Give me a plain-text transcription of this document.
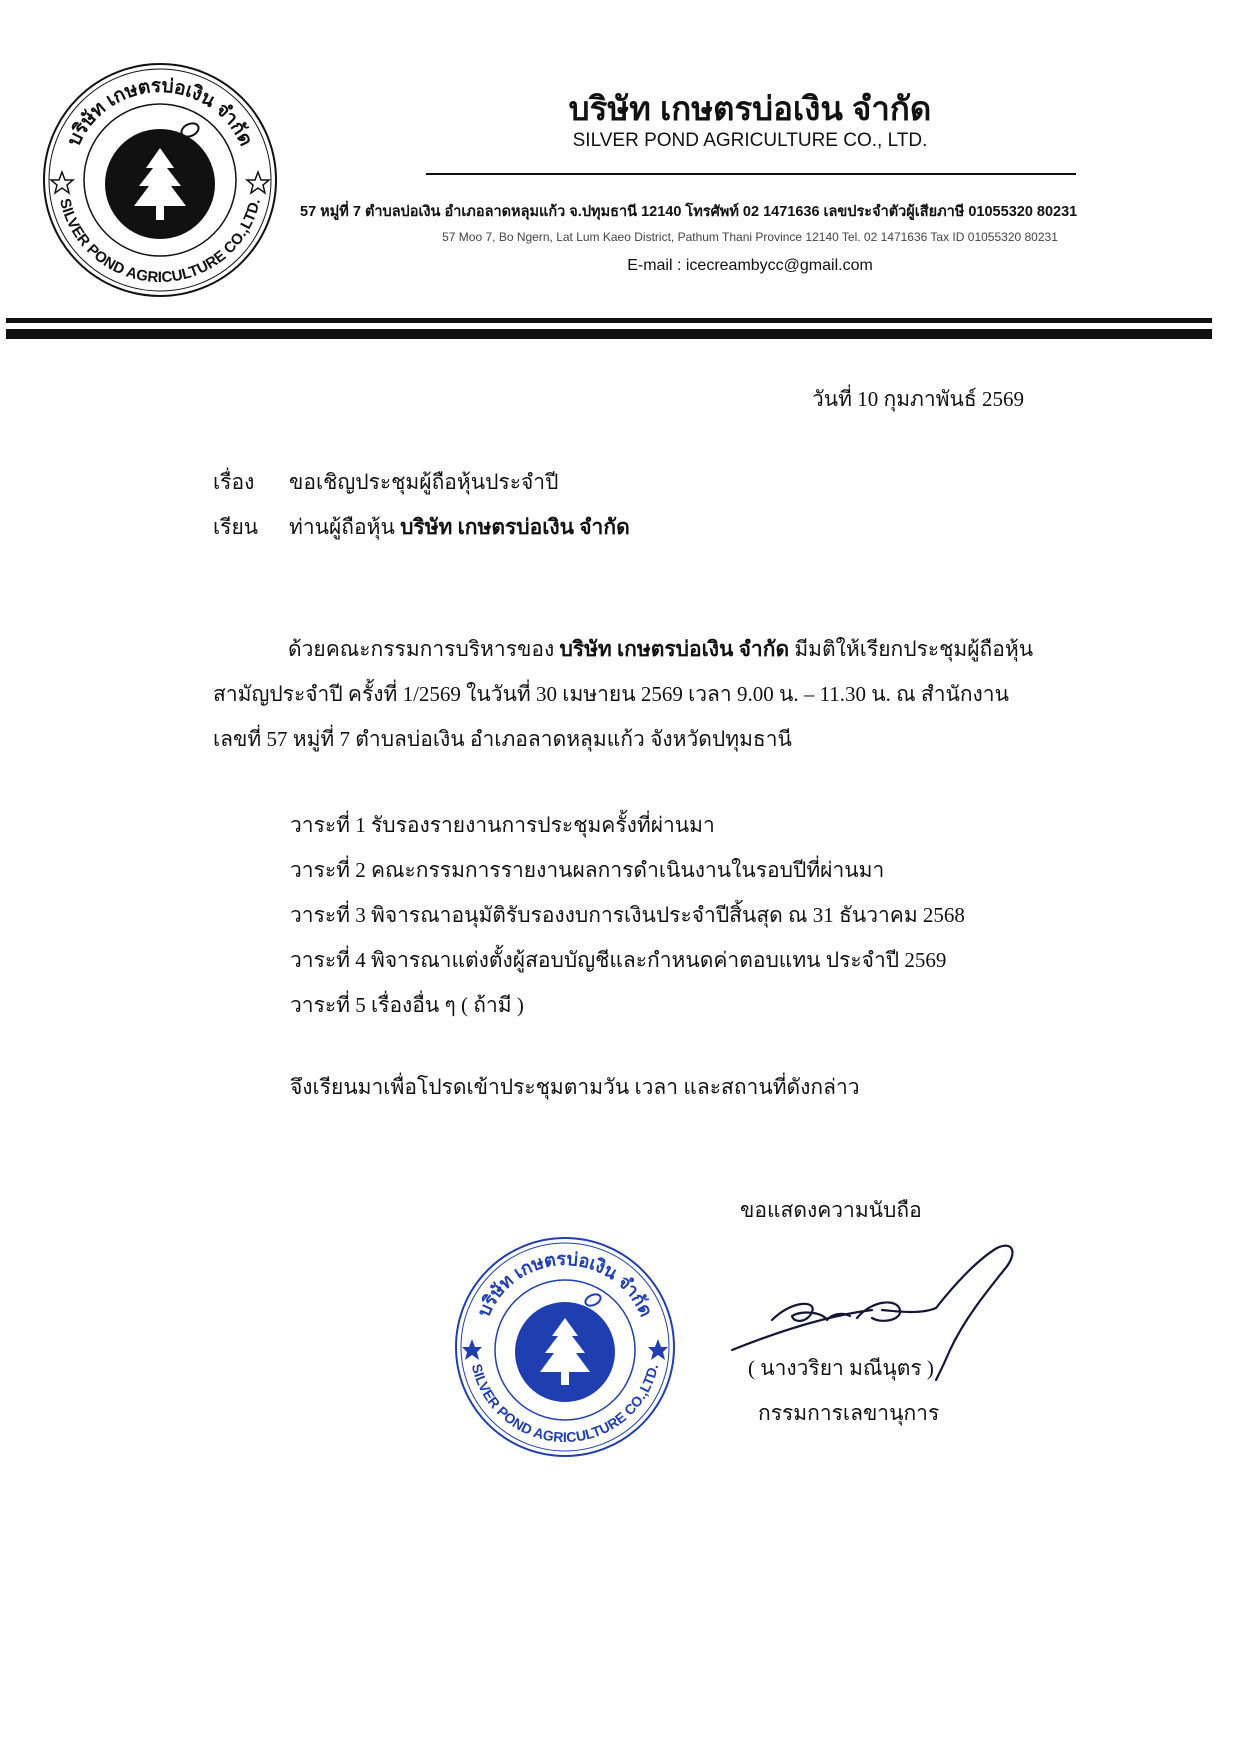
บริษัท เกษตรบ่อเงิน จำกัด
SILVER POND AGRICULTURE CO.,LTD.
บริษัท เกษตรบ่อเงิน จำกัด
SILVER POND AGRICULTURE CO., LTD.
57 หมู่ที่ 7 ตำบลบ่อเงิน อำเภอลาดหลุมแก้ว จ.ปทุมธานี 12140 โทรศัพท์ 02 1471636 เลขประจำตัวผู้เสียภาษี 01055320 80231
57 Moo 7, Bo Ngern, Lat Lum Kaeo District, Pathum Thani Province 12140 Tel. 02 1471636 Tax ID 01055320 80231
E-mail : icecreambycc@gmail.com
วันที่ 10 กุมภาพันธ์ 2569
เรื่อง ขอเชิญประชุมผู้ถือหุ้นประจำปี
เรียน ท่านผู้ถือหุ้น บริษัท เกษตรบ่อเงิน จำกัด
ด้วยคณะกรรมการบริหารของ บริษัท เกษตรบ่อเงิน จำกัด มีมติให้เรียกประชุมผู้ถือหุ้น
สามัญประจำปี ครั้งที่ 1/2569 ในวันที่ 30 เมษายน 2569 เวลา 9.00 น. – 11.30 น. ณ สำนักงาน
เลขที่ 57 หมู่ที่ 7 ตำบลบ่อเงิน อำเภอลาดหลุมแก้ว จังหวัดปทุมธานี
วาระที่ 1 รับรองรายงานการประชุมครั้งที่ผ่านมา
วาระที่ 2 คณะกรรมการรายงานผลการดำเนินงานในรอบปีที่ผ่านมา
วาระที่ 3 พิจารณาอนุมัติรับรองงบการเงินประจำปีสิ้นสุด ณ 31 ธันวาคม 2568
วาระที่ 4 พิจารณาแต่งตั้งผู้สอบบัญชีและกำหนดค่าตอบแทน ประจำปี 2569
วาระที่ 5 เรื่องอื่น ๆ ( ถ้ามี )
จึงเรียนมาเพื่อโปรดเข้าประชุมตามวัน เวลา และสถานที่ดังกล่าว
ขอแสดงความนับถือ
บริษัท เกษตรบ่อเงิน จำกัด
SILVER POND AGRICULTURE CO.,LTD.	( นางวริยา มณีนุตร )
กรรมการเลขานุการ
